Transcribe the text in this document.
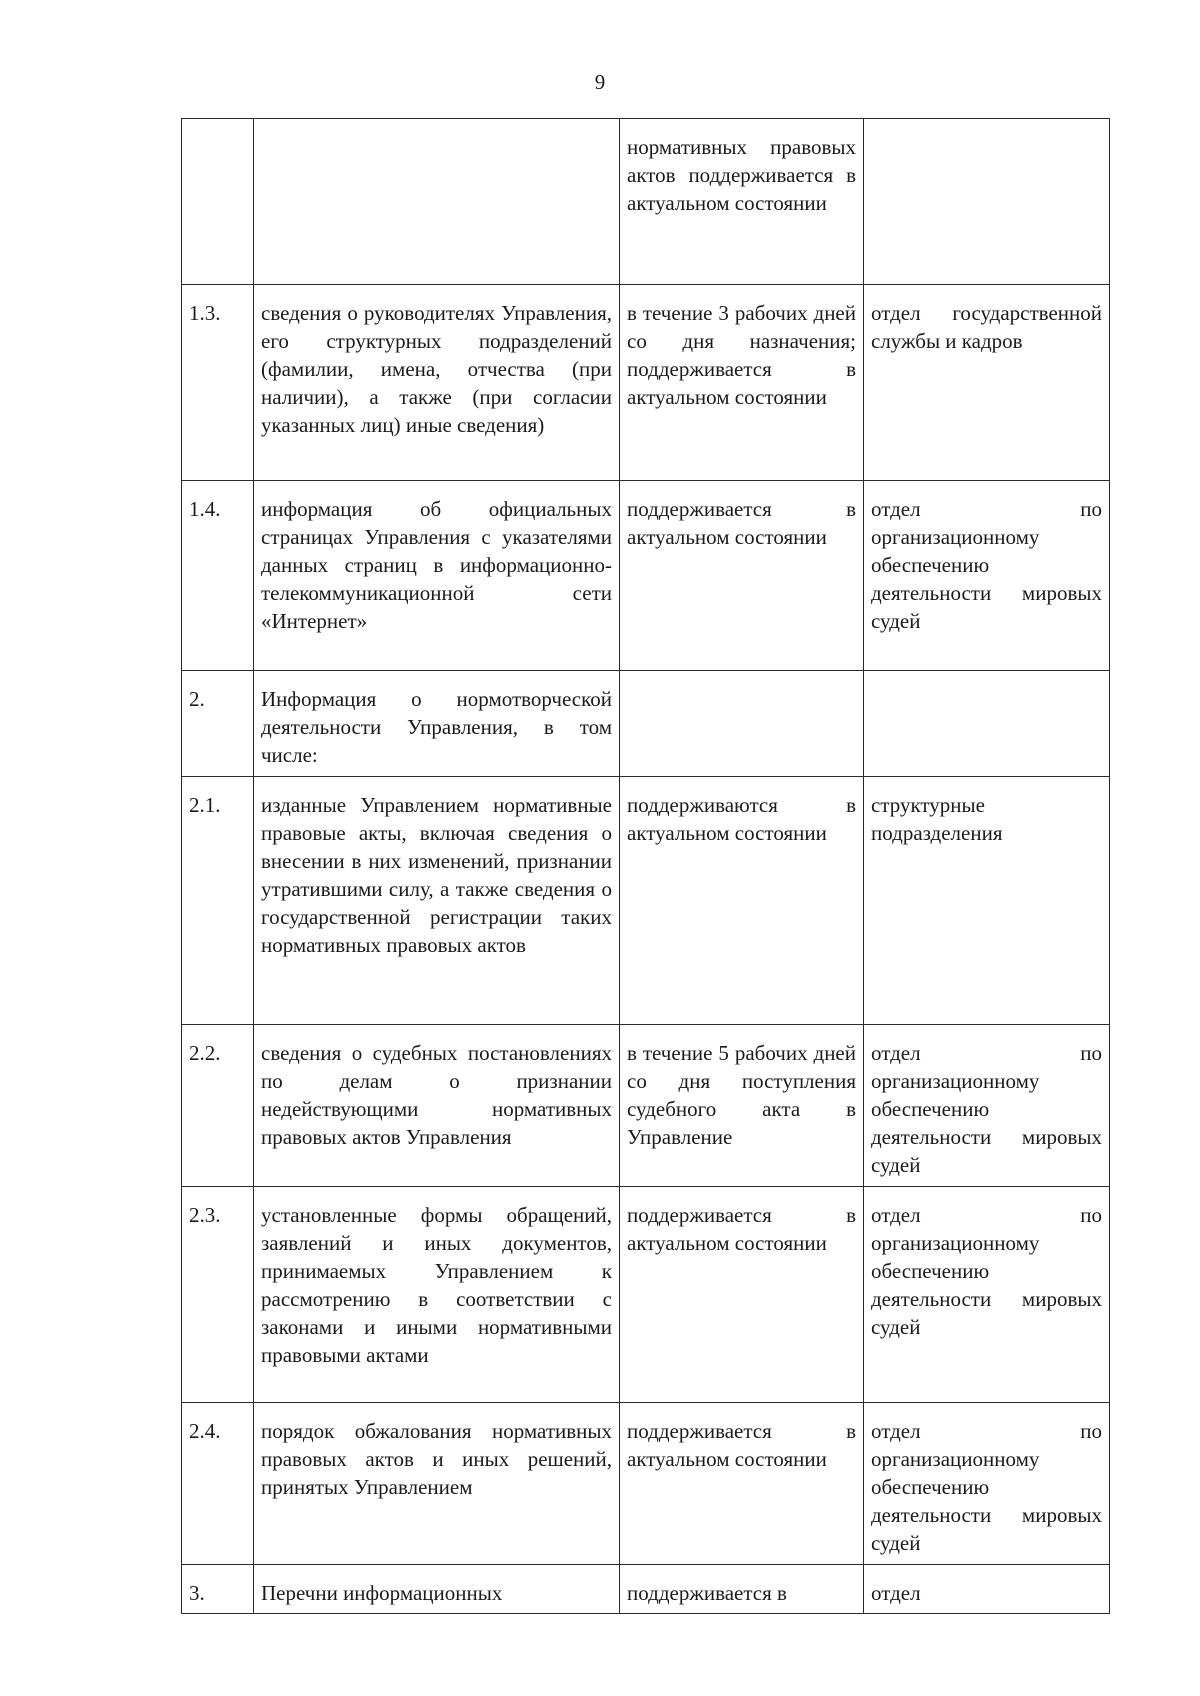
9
		нормативных правовых актов поддерживается в актуальном состоянии	
1.3.	сведения о руководителях Управления, его структурных подразделений (фамилии, имена, отчества (при наличии), а также (при согласии указанных лиц) иные сведения)	в течение 3 рабочих дней со дня назначения; поддерживается в актуальном состоянии	отдел государственной службы и кадров
1.4.	информация об официальных страницах Управления с указателями данных страниц в информационно-телекоммуникационной сети «Интернет»	поддерживается в актуальном состоянии	отдел по организационному обеспечению деятельности мировых судей
2.	Информация о нормотворческой деятельности Управления, в том числе:		
2.1.	изданные Управлением нормативные правовые акты, включая сведения о внесении в них изменений, признании утратившими силу, а также сведения о государственной регистрации таких нормативных правовых актов	поддерживаются в актуальном состоянии	структурные подразделения
2.2.	сведения о судебных постановлениях по делам о признании недействующими нормативных правовых актов Управления	в течение 5 рабочих дней со дня поступления судебного акта в Управление	отдел по организационному обеспечению деятельности мировых судей
2.3.	установленные формы обращений, заявлений и иных документов, принимаемых Управлением к рассмотрению в соответствии с законами и иными нормативными правовыми актами	поддерживается в актуальном состоянии	отдел по организационному обеспечению деятельности мировых судей
2.4.	порядок обжалования нормативных правовых актов и иных решений, принятых Управлением	поддерживается в актуальном состоянии	отдел по организационному обеспечению деятельности мировых судей
3.	Перечни информационных	поддерживается в	отдел
